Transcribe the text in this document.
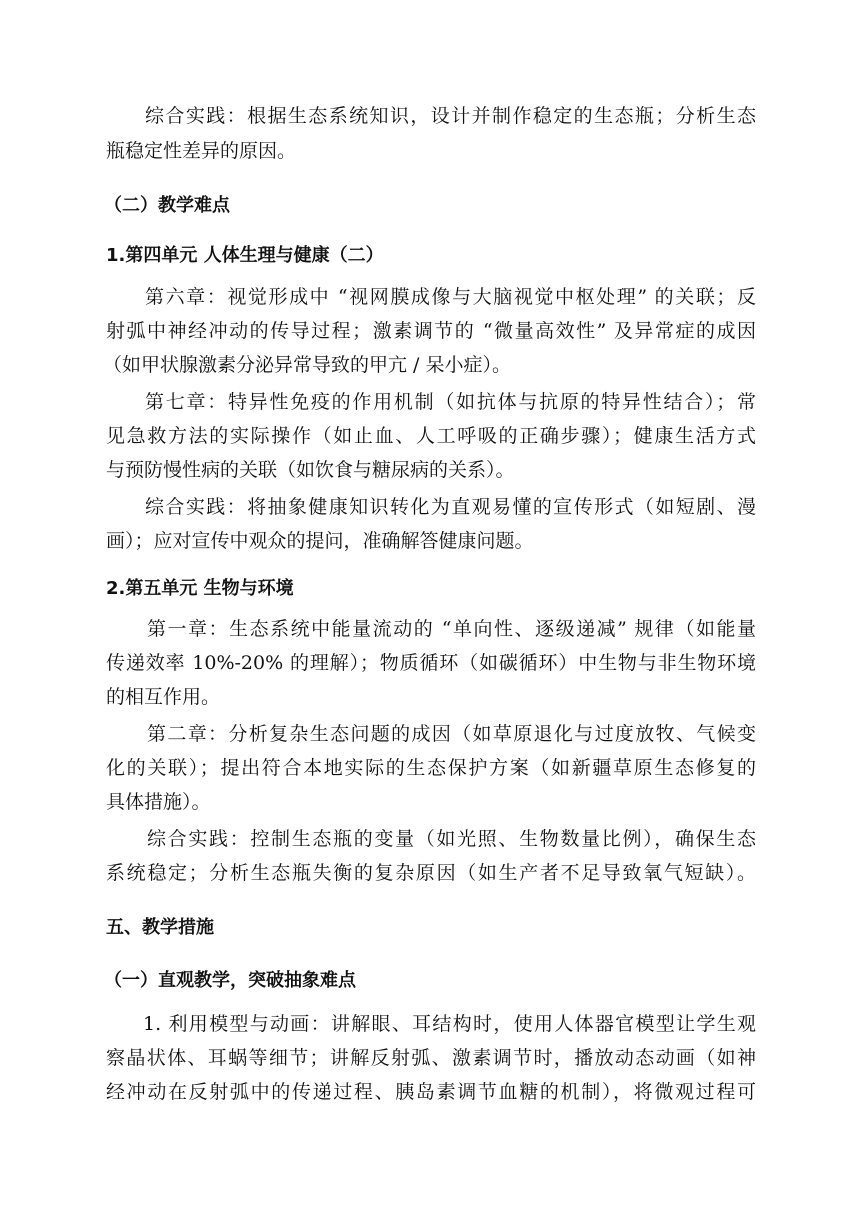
综合实践：根据生态系统知识，设计并制作稳定的生态瓶；分析生态
瓶稳定性差异的原因。
（二）教学难点
1.第四单元 人体生理与健康（二）
第六章：视觉形成中 “视网膜成像与大脑视觉中枢处理” 的关联；反
射弧中神经冲动的传导过程；激素调节的 “微量高效性” 及异常症的成因
（如甲状腺激素分泌异常导致的甲亢 / 呆小症）。
第七章：特异性免疫的作用机制（如抗体与抗原的特异性结合）；常
见急救方法的实际操作（如止血、人工呼吸的正确步骤）；健康生活方式
与预防慢性病的关联（如饮食与糖尿病的关系）。
综合实践：将抽象健康知识转化为直观易懂的宣传形式（如短剧、漫
画）；应对宣传中观众的提问，准确解答健康问题。
2.第五单元 生物与环境
第一章：生态系统中能量流动的 “单向性、逐级递减” 规律（如能量
传递效率 10%-20% 的理解）；物质循环（如碳循环）中生物与非生物环境
的相互作用。
第二章：分析复杂生态问题的成因（如草原退化与过度放牧、气候变
化的关联）；提出符合本地实际的生态保护方案（如新疆草原生态修复的
具体措施）。
综合实践：控制生态瓶的变量（如光照、生物数量比例），确保生态
系统稳定；分析生态瓶失衡的复杂原因（如生产者不足导致氧气短缺）。
五、教学措施
（一）直观教学，突破抽象难点
1. 利用模型与动画：讲解眼、耳结构时，使用人体器官模型让学生观
察晶状体、耳蜗等细节；讲解反射弧、激素调节时，播放动态动画（如神
经冲动在反射弧中的传递过程、胰岛素调节血糖的机制），将微观过程可
